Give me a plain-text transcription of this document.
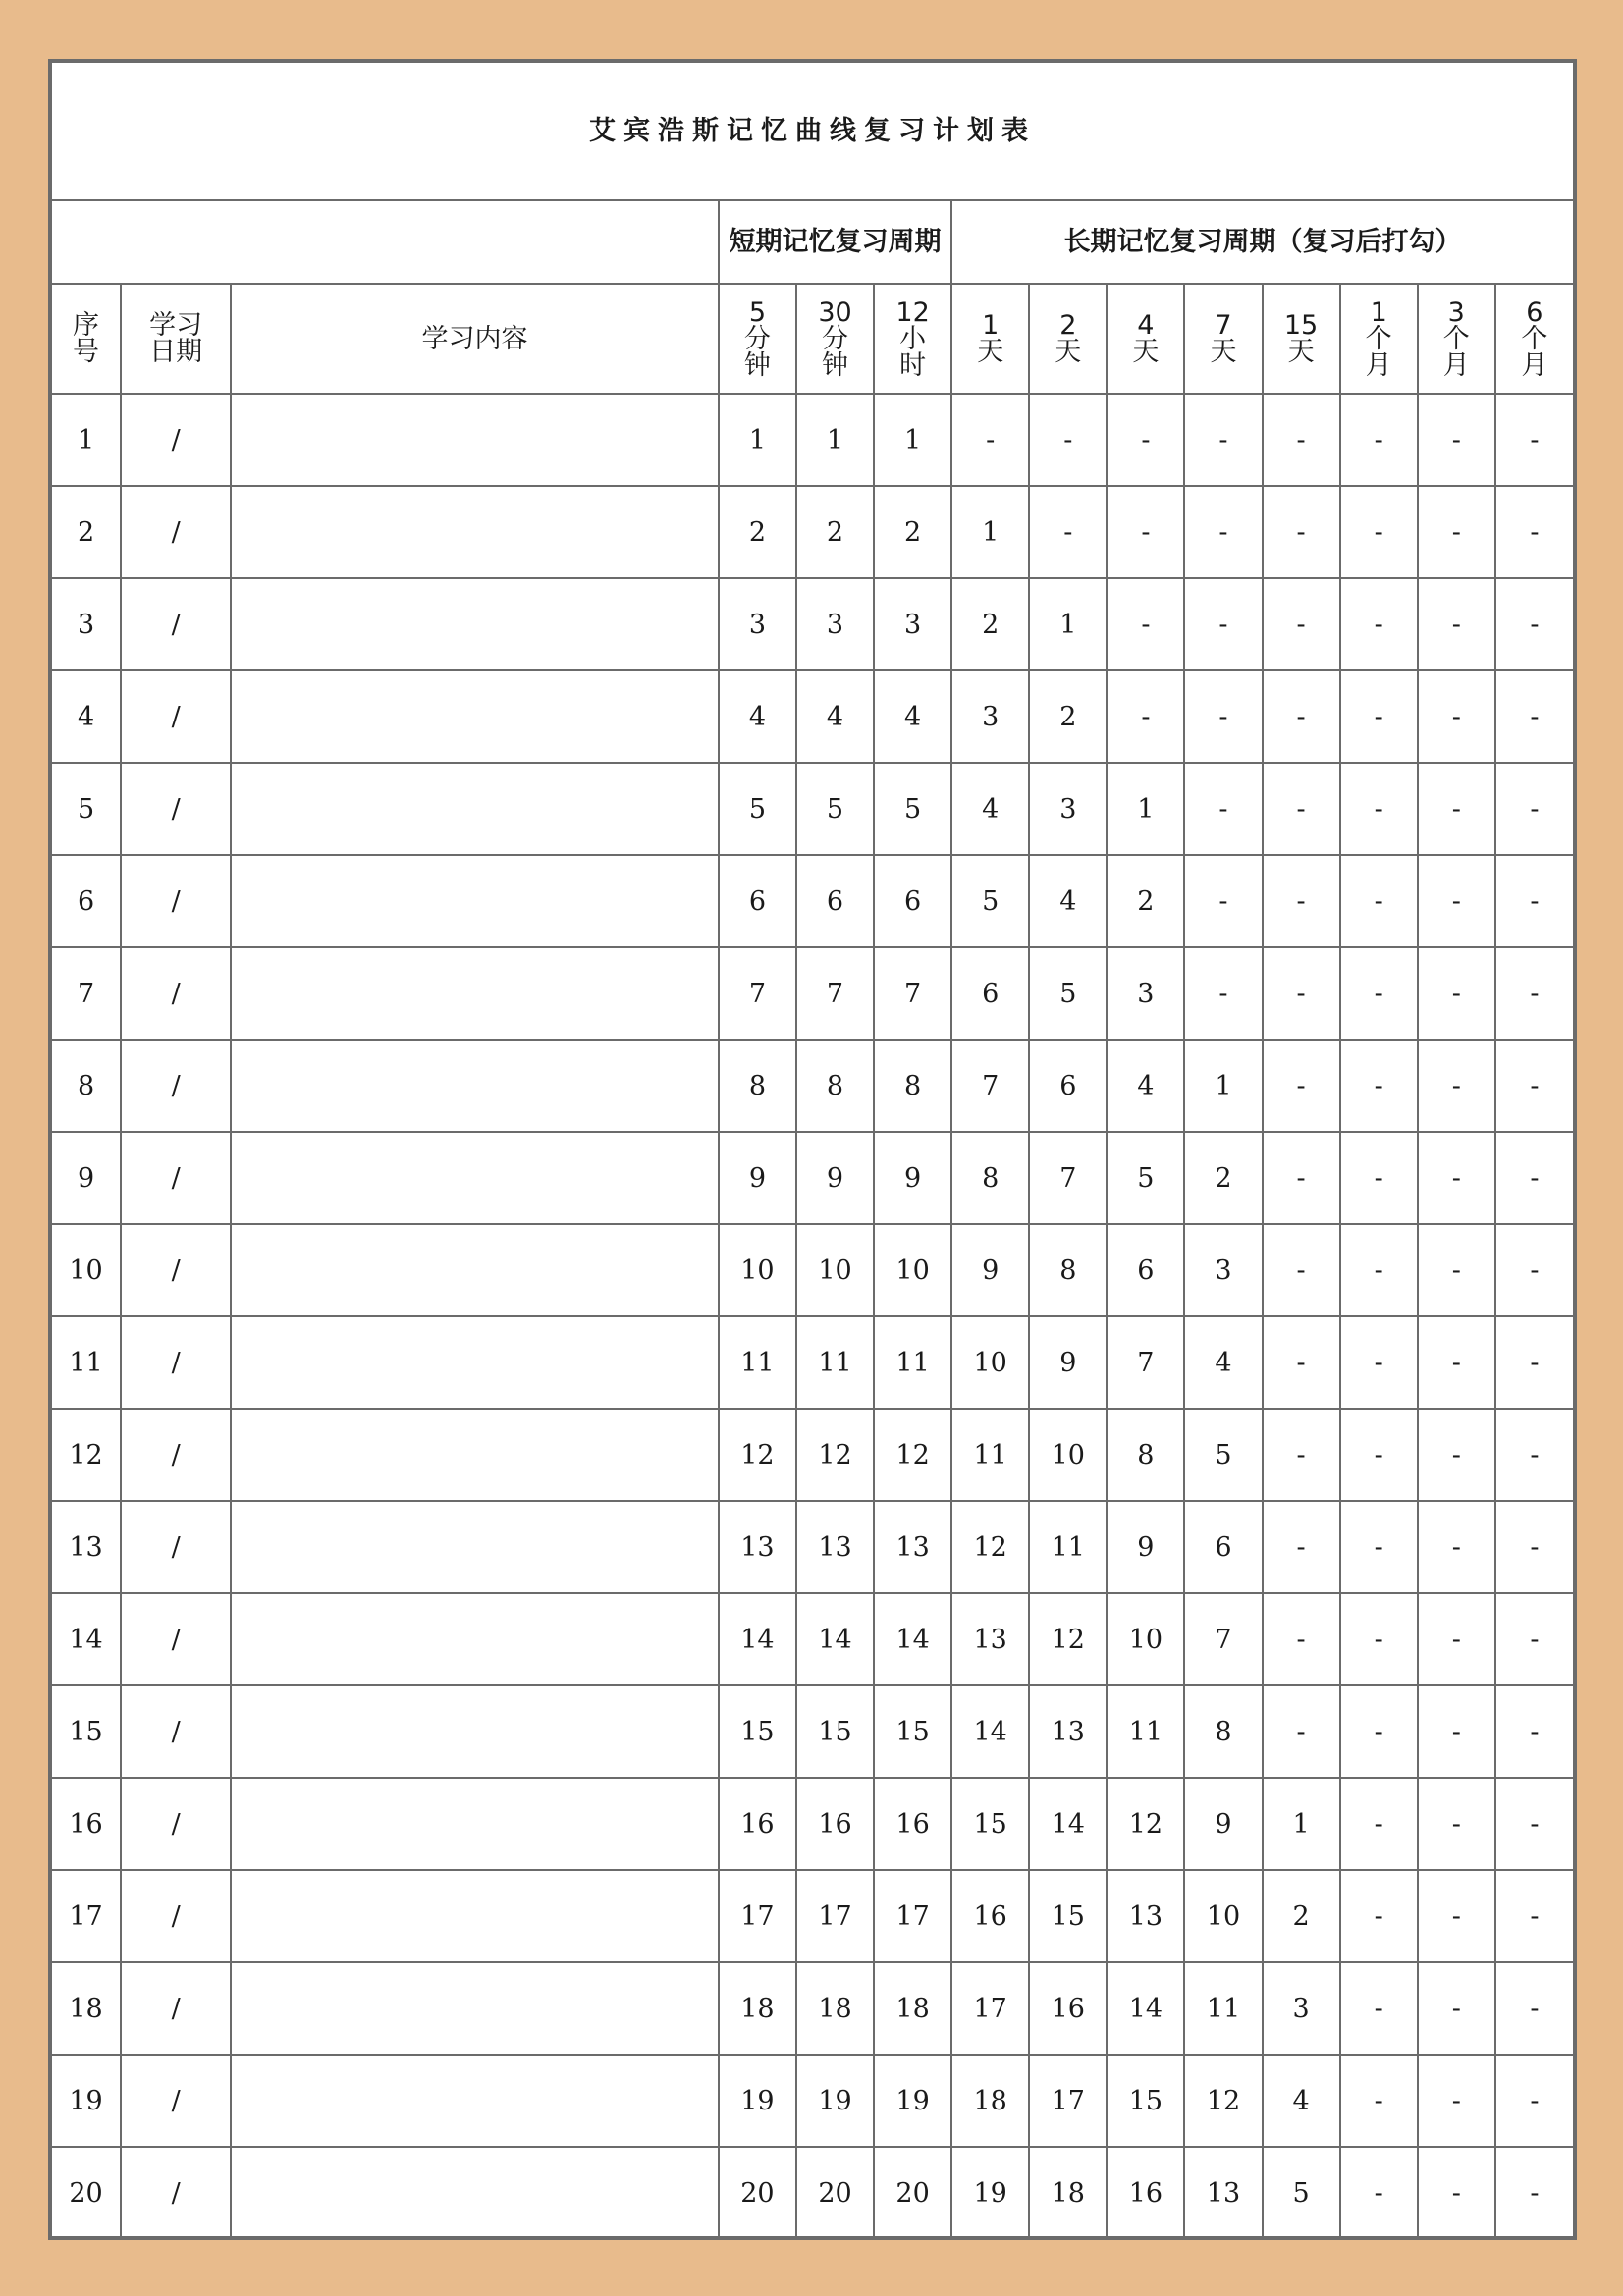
艾宾浩斯记忆曲线复习计划表													
			短期记忆复习周期			长期记忆复习周期（复习后打勾）							
序
号	学习
日期	学习内容	5
分
钟	30
分
钟	12
小
时	1
天	2
天	4
天	7
天	15
天	1
个
月	3
个
月	6
个
月
1	/		1	1	1	-	-	-	-	-	-	-	-
2	/		2	2	2	1	-	-	-	-	-	-	-
3	/		3	3	3	2	1	-	-	-	-	-	-
4	/		4	4	4	3	2	-	-	-	-	-	-
5	/		5	5	5	4	3	1	-	-	-	-	-
6	/		6	6	6	5	4	2	-	-	-	-	-
7	/		7	7	7	6	5	3	-	-	-	-	-
8	/		8	8	8	7	6	4	1	-	-	-	-
9	/		9	9	9	8	7	5	2	-	-	-	-
10	/		10	10	10	9	8	6	3	-	-	-	-
11	/		11	11	11	10	9	7	4	-	-	-	-
12	/		12	12	12	11	10	8	5	-	-	-	-
13	/		13	13	13	12	11	9	6	-	-	-	-
14	/		14	14	14	13	12	10	7	-	-	-	-
15	/		15	15	15	14	13	11	8	-	-	-	-
16	/		16	16	16	15	14	12	9	1	-	-	-
17	/		17	17	17	16	15	13	10	2	-	-	-
18	/		18	18	18	17	16	14	11	3	-	-	-
19	/		19	19	19	18	17	15	12	4	-	-	-
20	/		20	20	20	19	18	16	13	5	-	-	-
